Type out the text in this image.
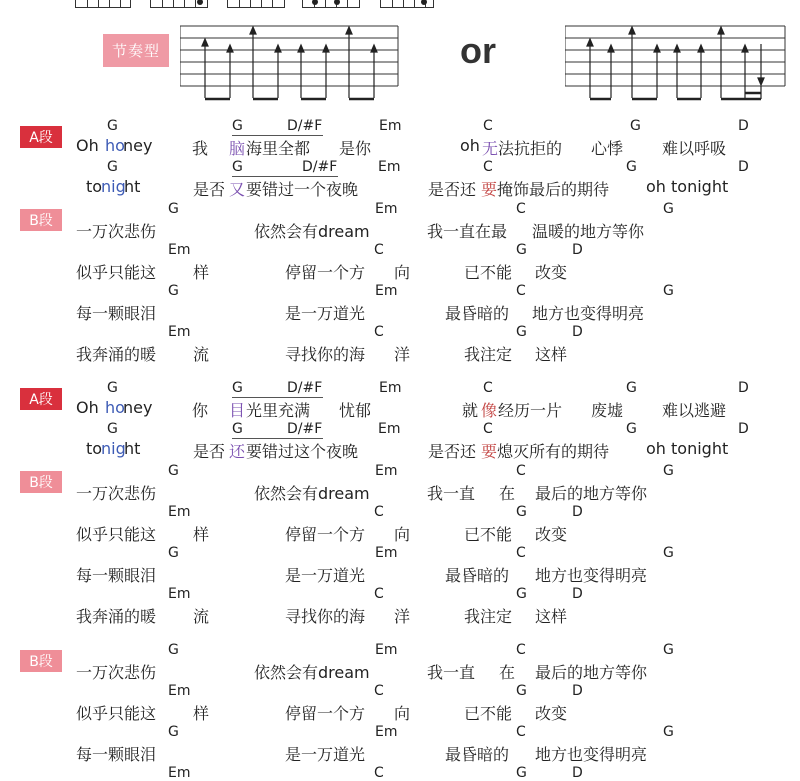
节奏型	or
A段
G	G	D/#F	Em	C	G	D
Oh ho
ney 我 脑 海里全都 是你	oh 无 法抗拒的 心悸 难以呼吸
G	G	D/#F	Em	C	G	D
to
nig
ht	是否 又 要错过一个夜晚	是否还 要 掩饰最后的期待 oh tonight
B段
G	Em	C	G
一万次悲伤	依然会有dream	我一直在最 温暖的地方等你
Em	C	G	D
似乎只能这 样	停留一个方 向	已不能 改变
G	Em	C	G
每一颗眼泪	是一万道光	最昏暗的 地方也变得明亮
Em	C	G	D
我奔涌的暖 流	寻找你的海 洋	我注定 这样
A段
G	G	D/#F	Em	C	G	D
Oh ho
ney 你 目 光里充满 忧郁	就 像 经历一片 废墟 难以逃避
G	G	D/#F	Em	C	G	D
to
nig
ht	是否 还 要错过这个夜晚	是否还 要 熄灭所有的期待 oh tonight
B段
G	Em	C	G
一万次悲伤	依然会有dream	我一直 在 最后的地方等你
Em	C	G	D
似乎只能这 样	停留一个方 向	已不能 改变
G	Em	C	G
每一颗眼泪	是一万道光	最昏暗的 地方也变得明亮
Em	C	G	D
我奔涌的暖 流	寻找你的海 洋	我注定 这样
B段
G	Em	C	G
一万次悲伤	依然会有dream	我一直 在 最后的地方等你
Em	C	G	D
似乎只能这 样	停留一个方 向	已不能 改变
G	Em	C	G
每一颗眼泪	是一万道光	最昏暗的 地方也变得明亮
Em	C	G	D
